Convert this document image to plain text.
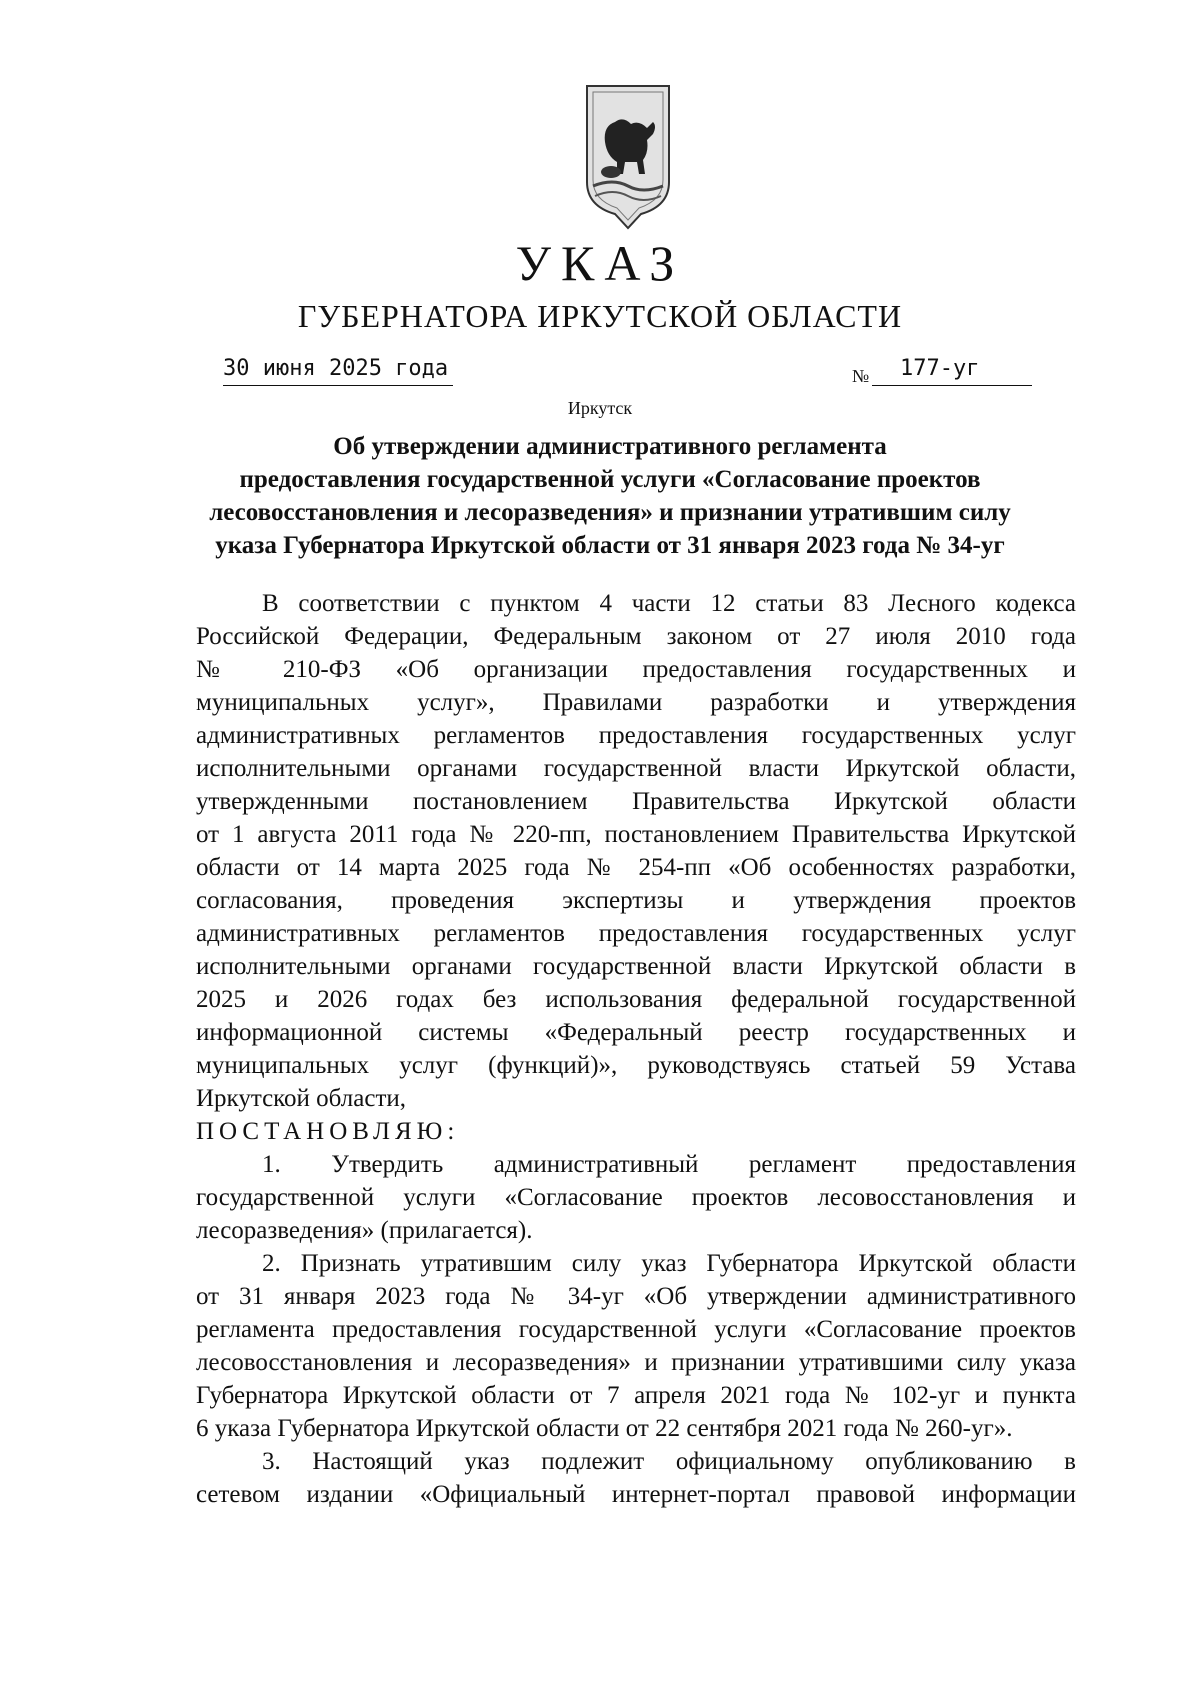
УКАЗ
ГУБЕРНАТОРА ИРКУТСКОЙ ОБЛАСТИ
30 июня 2025 года	№ 177-уг
Иркутск
Об утверждении административного регламента
предоставления государственной услуги «Согласование проектов
лесовосстановления и лесоразведения» и признании утратившим силу
указа Губернатора Иркутской области от 31 января 2023 года № 34-уг
В соответствии с пунктом 4 части 12 статьи 83 Лесного кодекса
Российской Федерации, Федеральным законом от 27 июля 2010 года
№ 210-ФЗ «Об организации предоставления государственных и
муниципальных услуг», Правилами разработки и утверждения
административных регламентов предоставления государственных услуг
исполнительными органами государственной власти Иркутской области,
утвержденными постановлением Правительства Иркутской области
от 1 августа 2011 года № 220-пп, постановлением Правительства Иркутской
области от 14 марта 2025 года № 254-пп «Об особенностях разработки,
согласования, проведения экспертизы и утверждения проектов
административных регламентов предоставления государственных услуг
исполнительными органами государственной власти Иркутской области в
2025 и 2026 годах без использования федеральной государственной
информационной системы «Федеральный реестр государственных и
муниципальных услуг (функций)», руководствуясь статьей 59 Устава
Иркутской области,
ПОСТАНОВЛЯЮ:
1. Утвердить административный регламент предоставления
государственной услуги «Согласование проектов лесовосстановления и
лесоразведения» (прилагается).
2. Признать утратившим силу указ Губернатора Иркутской области
от 31 января 2023 года № 34-уг «Об утверждении административного
регламента предоставления государственной услуги «Согласование проектов
лесовосстановления и лесоразведения» и признании утратившими силу указа
Губернатора Иркутской области от 7 апреля 2021 года № 102-уг и пункта
6 указа Губернатора Иркутской области от 22 сентября 2021 года № 260-уг».
3. Настоящий указ подлежит официальному опубликованию в
сетевом издании «Официальный интернет-портал правовой информации
